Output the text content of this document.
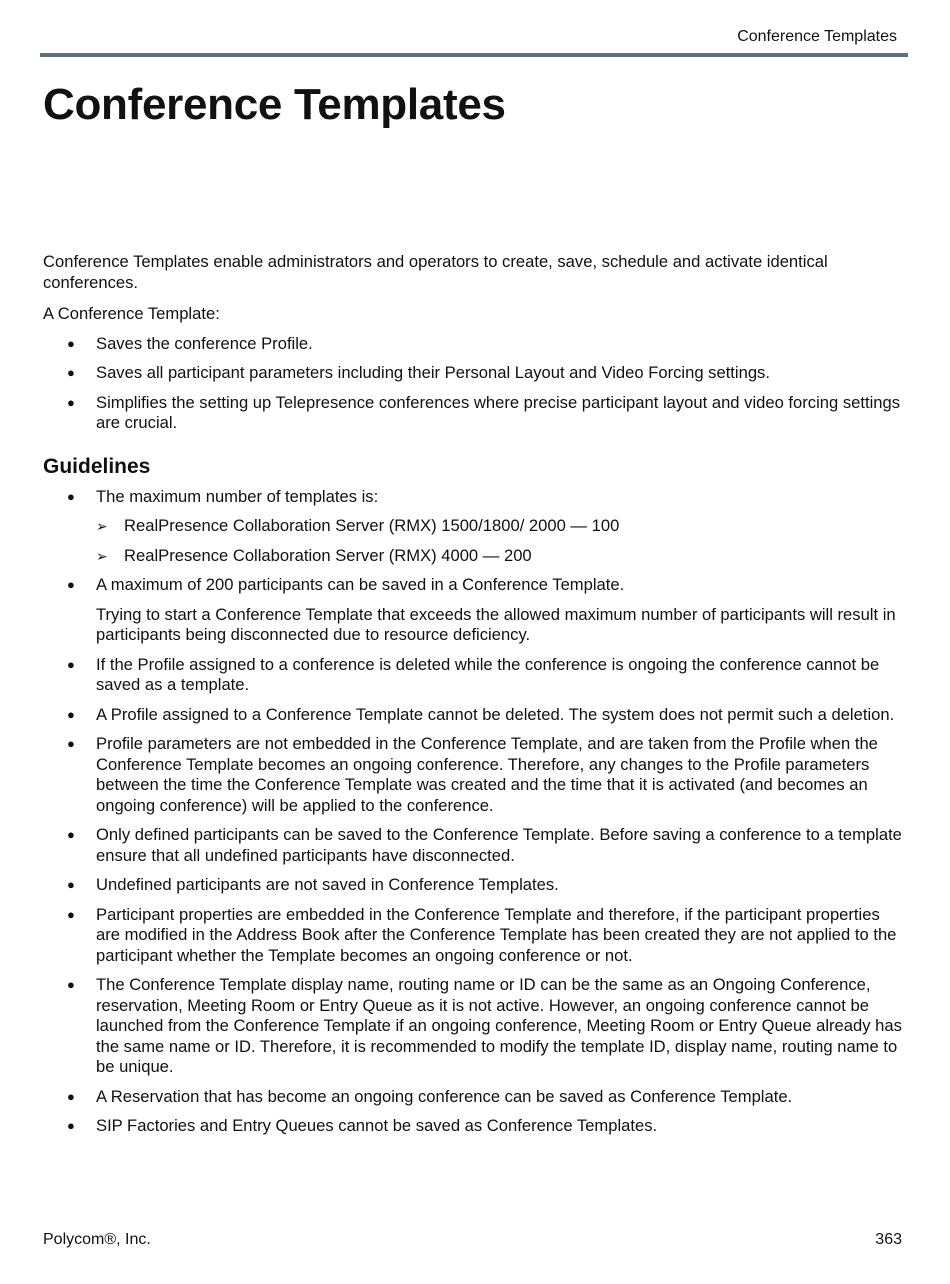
Conference Templates
Conference Templates

Conference Templates enable administrators and operators to create, save, schedule and activate identical conferences.

A Conference Template:

● Saves the conference Profile.
● Saves all participant parameters including their Personal Layout and Video Forcing settings.
● Simplifies the setting up Telepresence conferences where precise participant layout and video forcing settings are crucial.
Guidelines
● The maximum number of templates is:
➢ RealPresence Collaboration Server (RMX) 1500/1800/ 2000 — 100
➢ RealPresence Collaboration Server (RMX) 4000 — 200
● A maximum of 200 participants can be saved in a Conference Template.

Trying to start a Conference Template that exceeds the allowed maximum number of participants will result in participants being disconnected due to resource deficiency.

● If the Profile assigned to a conference is deleted while the conference is ongoing the conference cannot be saved as a template.
● A Profile assigned to a Conference Template cannot be deleted. The system does not permit such a deletion.
● Profile parameters are not embedded in the Conference Template, and are taken from the Profile when the Conference Template becomes an ongoing conference. Therefore, any changes to the Profile parameters between the time the Conference Template was created and the time that it is activated (and becomes an ongoing conference) will be applied to the conference.
● Only defined participants can be saved to the Conference Template. Before saving a conference to a template ensure that all undefined participants have disconnected.
● Undefined participants are not saved in Conference Templates.
● Participant properties are embedded in the Conference Template and therefore, if the participant properties are modified in the Address Book after the Conference Template has been created they are not applied to the participant whether the Template becomes an ongoing conference or not.
● The Conference Template display name, routing name or ID can be the same as an Ongoing Conference, reservation, Meeting Room or Entry Queue as it is not active. However, an ongoing conference cannot be launched from the Conference Template if an ongoing conference, Meeting Room or Entry Queue already has the same name or ID. Therefore, it is recommended to modify the template ID, display name, routing name to be unique.
● A Reservation that has become an ongoing conference can be saved as Conference Template.
● SIP Factories and Entry Queues cannot be saved as Conference Templates.
Polycom®, Inc.	363
